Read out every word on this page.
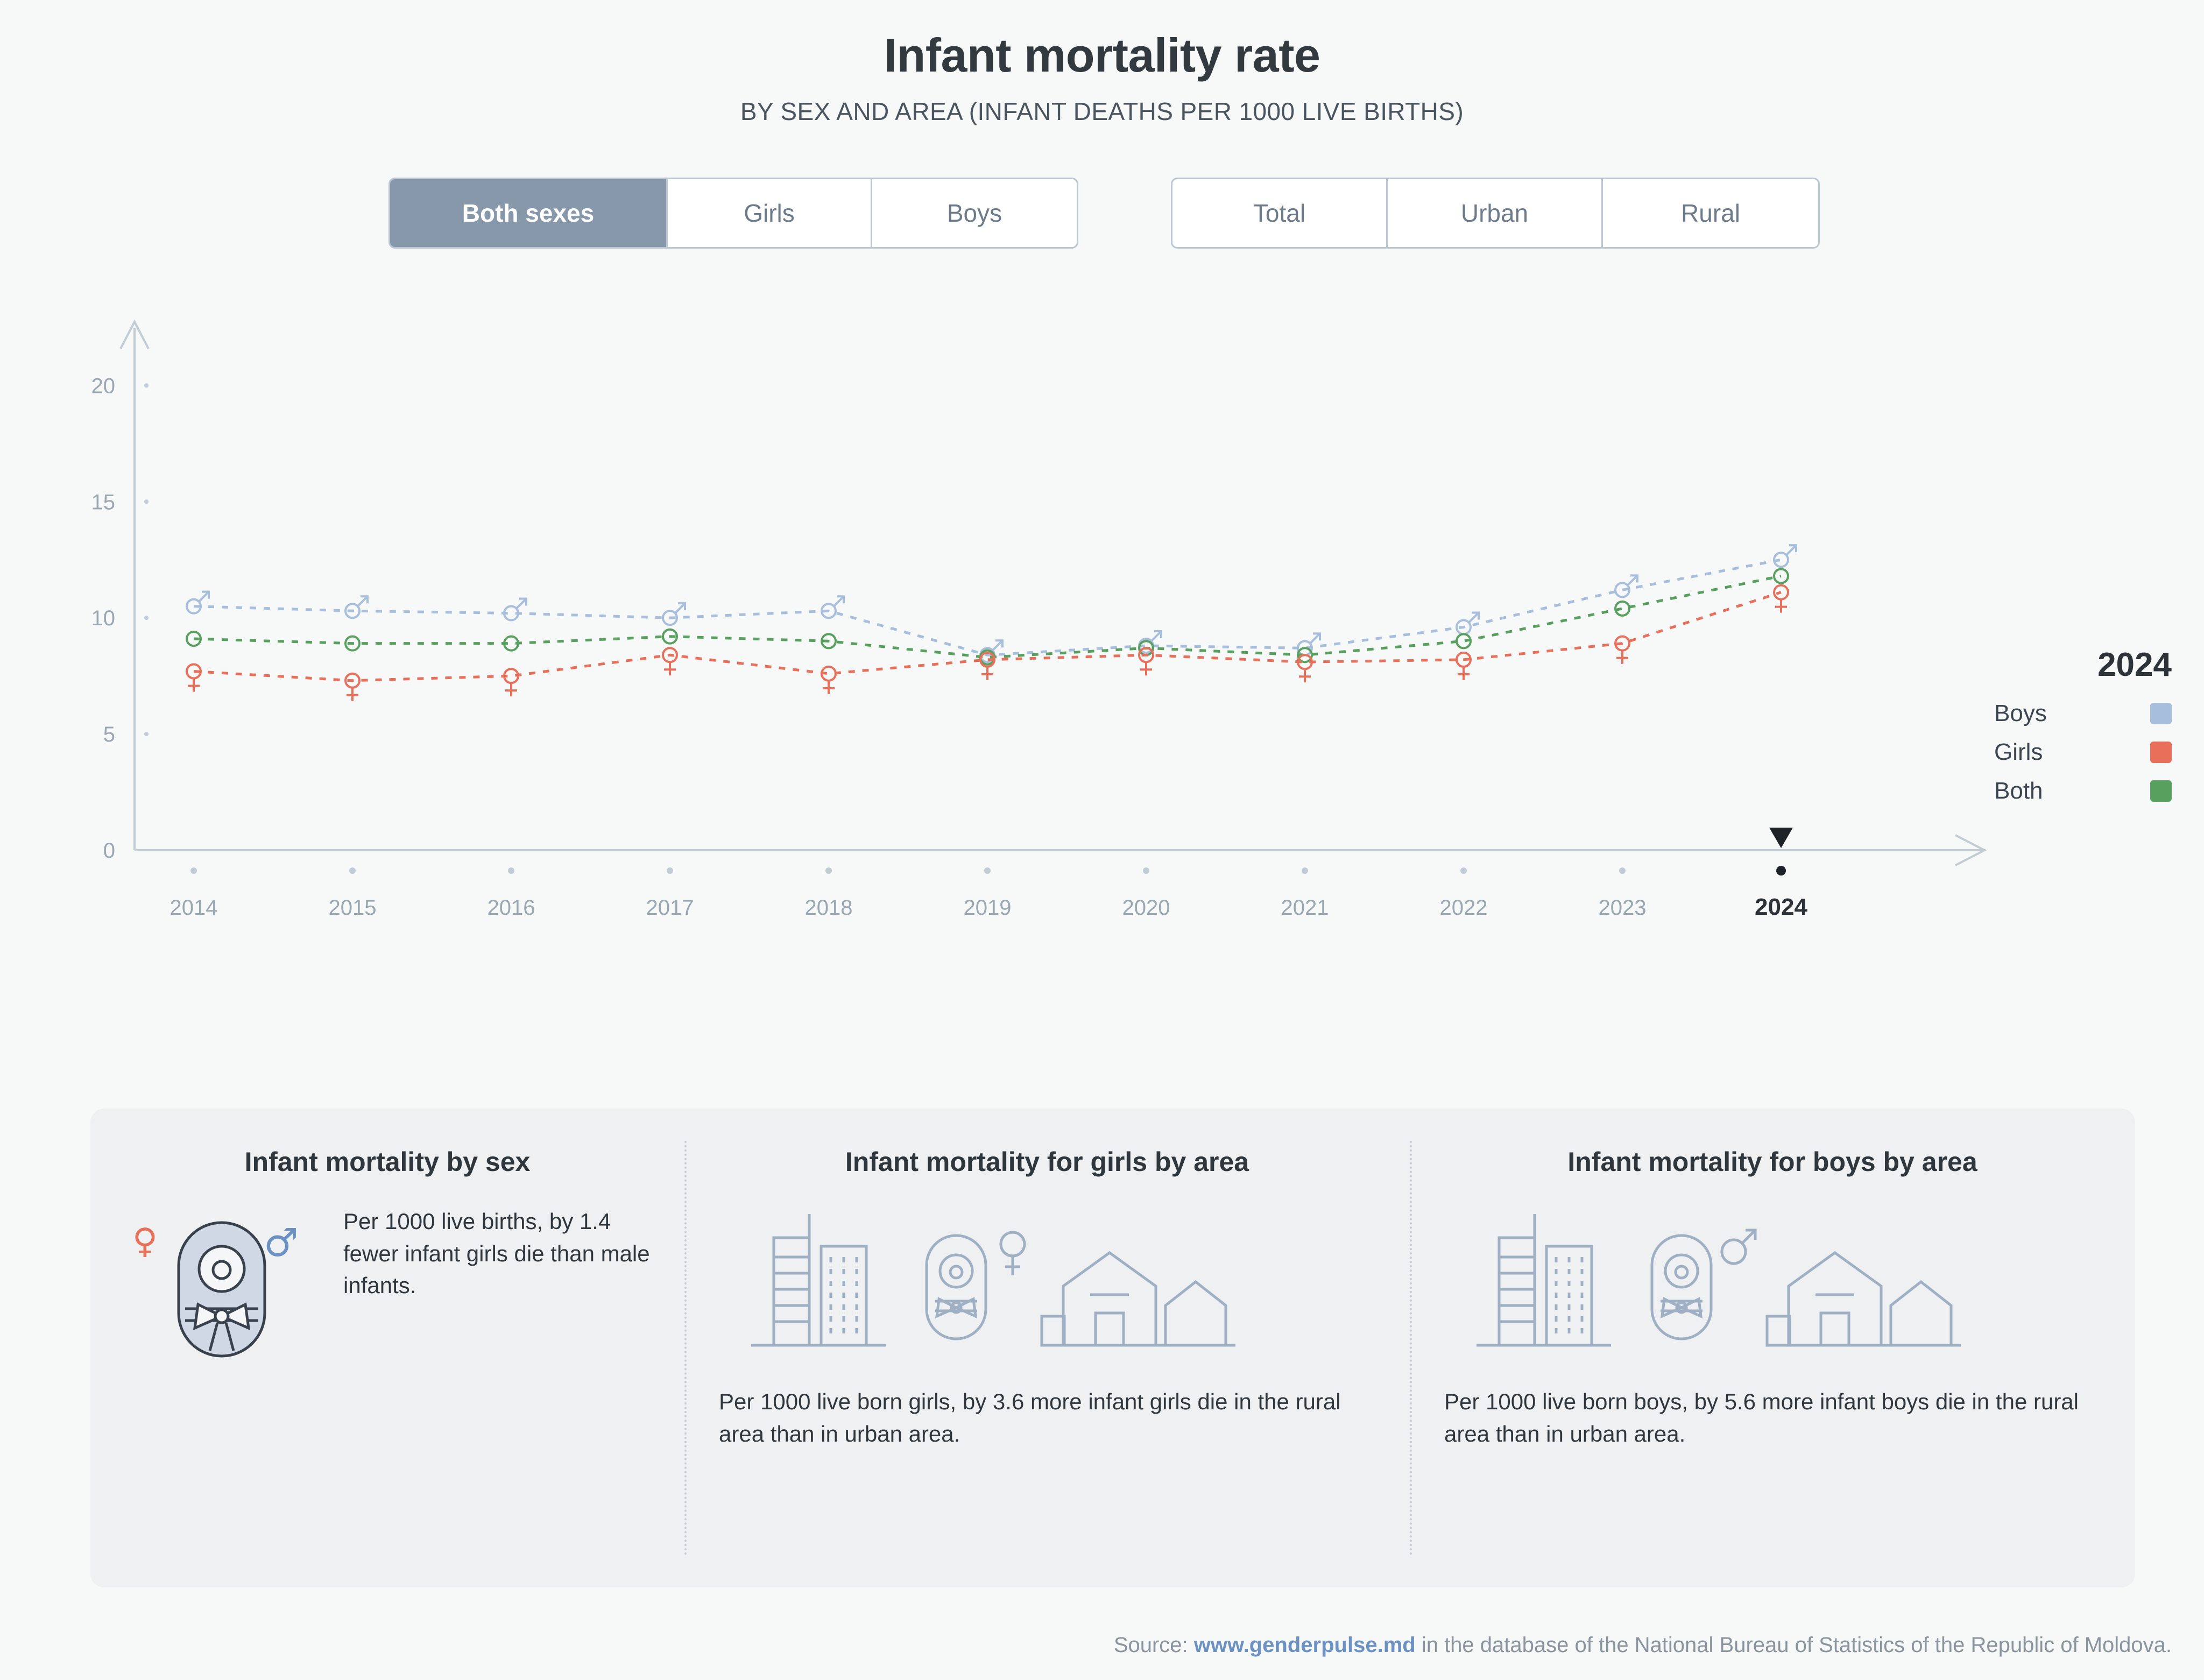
Infant mortality rate
BY SEX AND AREA (INFANT DEATHS PER 1000 LIVE BIRTHS)
Both sexes	Girls	Boys	Total	Urban	Rural
0
5
10
15
20
2014	2015	2016	2017	2018	2019	2020	2021	2022	2023	2024
2024
Boys
Girls
Both
Infant mortality by sex
♀	♂ Per 1000 live births, by 1.4 fewer infant girls die than male infants.
Infant mortality for girls by area
Per 1000 live born girls, by 3.6 more infant girls die in the rural area than in urban area.
Infant mortality for boys by area
Per 1000 live born boys, by 5.6 more infant boys die in the rural area than in urban area.
Source: www.genderpulse.md in the database of the National Bureau of Statistics of the Republic of Moldova.
